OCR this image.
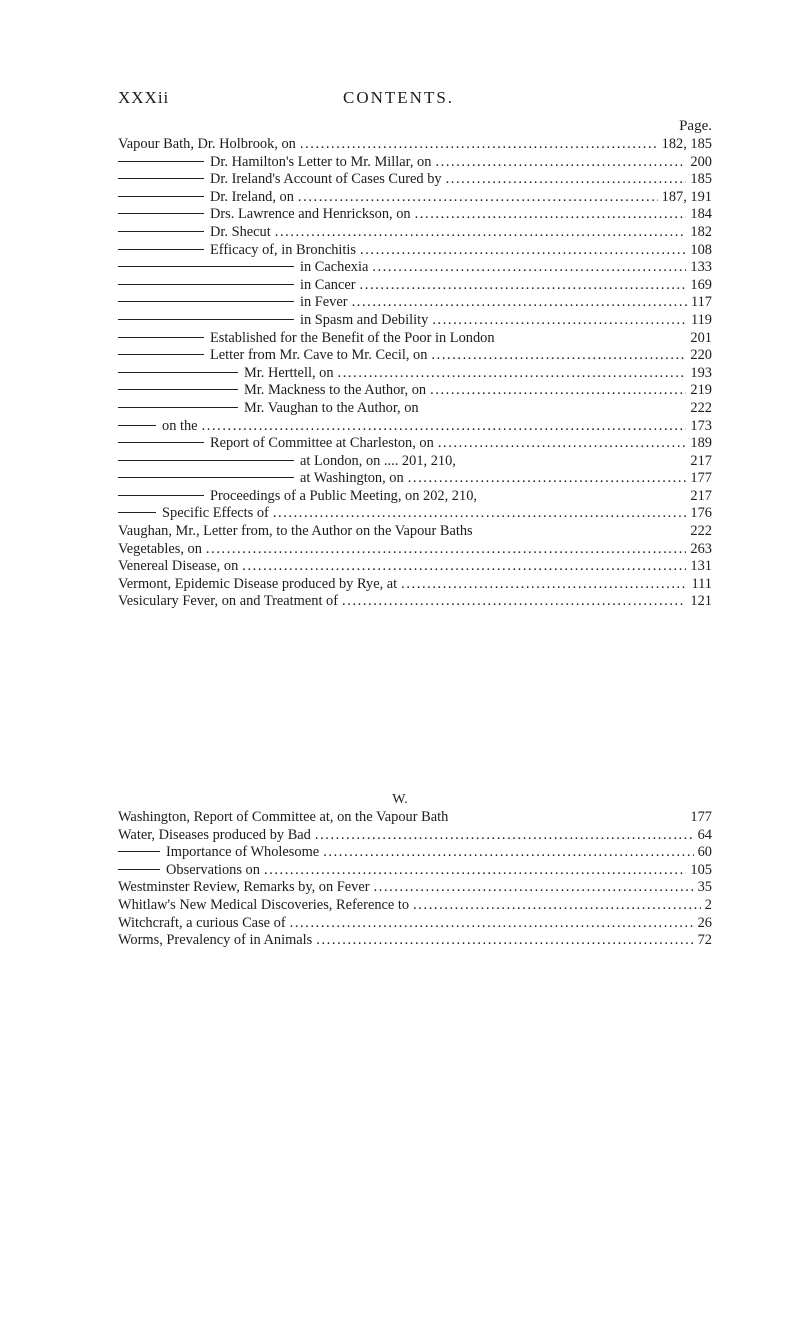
XXXii	CONTENTS.
Page.
Vapour Bath, Dr. Holbrook, on . . .	182, 185
Dr. Hamilton's Letter to Mr. Millar, on . . .	200
Dr. Ireland's Account of Cases Cured by . . .	185
Dr. Ireland, on . . .	187, 191
Drs. Lawrence and Henrickson, on . . .	184
Dr. Shecut . . .	182
Efficacy of, in Bronchitis . . .	108
in Cachexia . . .	133
in Cancer . . .	169
in Fever . . .	117
in Spasm and Debility . . .	119
Established for the Benefit of the Poor in London	201
Letter from Mr. Cave to Mr. Cecil, on . . .	220
Mr. Herttell, on . . .	193
Mr. Mackness to the Author, on . . .	219
Mr. Vaughan to the Author, on	222
on the . . .	173
Report of Committee at Charleston, on . . .	189
at London, on .... 201, 210,	217
at Washington, on . . .	177
Proceedings of a Public Meeting, on 202, 210,	217
Specific Effects of . . .	176
Vaughan, Mr., Letter from, to the Author on the Vapour Baths	222
Vegetables, on . . .	263
Venereal Disease, on . . .	131
Vermont, Epidemic Disease produced by Rye, at . . .	111
Vesiculary Fever, on and Treatment of . . .	121
W.
Washington, Report of Committee at, on the Vapour Bath	177
Water, Diseases produced by Bad . . .	64
Importance of Wholesome . . .	60
Observations on . . .	105
Westminster Review, Remarks by, on Fever . . .	35
Whitlaw's New Medical Discoveries, Reference to . . .	2
Witchcraft, a curious Case of . . .	26
Worms, Prevalency of in Animals . . .	72
